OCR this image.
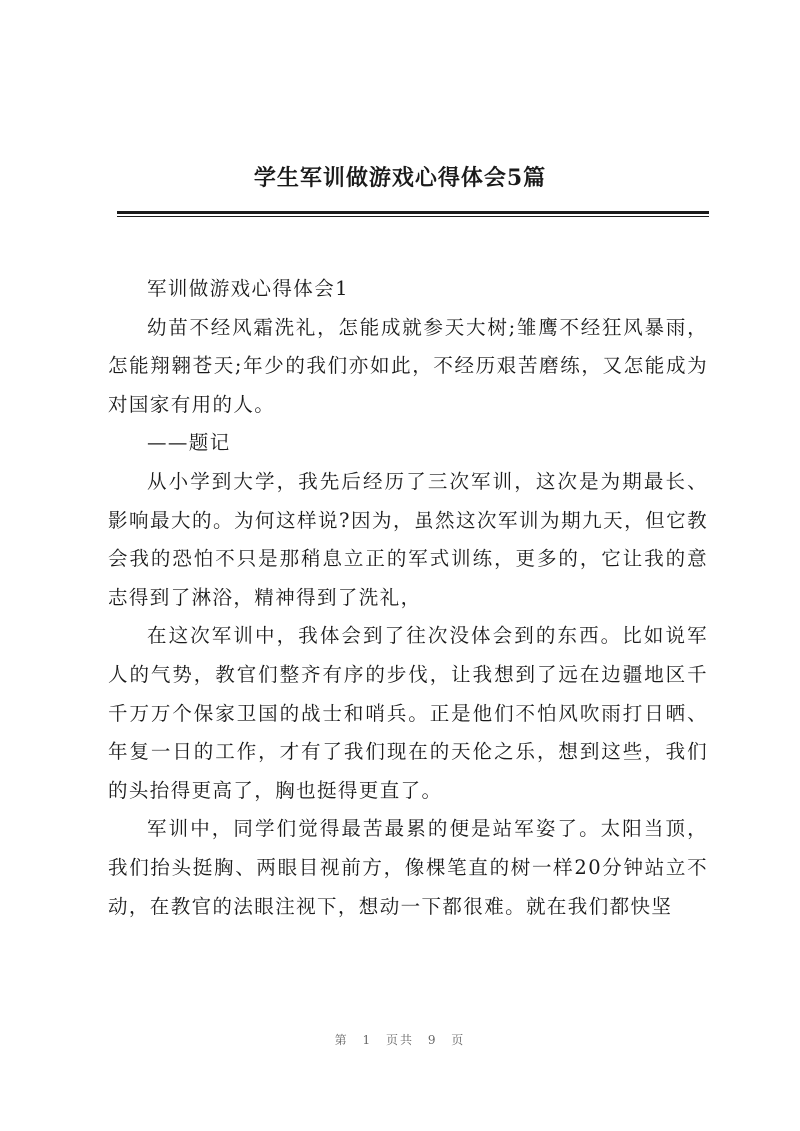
学生军训做游戏心得体会5篇

军训做游戏心得体会1

幼苗不经风霜洗礼，怎能成就参天大树;雏鹰不经狂风暴雨，怎能翔翱苍天;年少的我们亦如此，不经历艰苦磨练，又怎能成为对国家有用的人。

——题记

从小学到大学，我先后经历了三次军训，这次是为期最长、影响最大的。为何这样说?因为，虽然这次军训为期九天，但它教会我的恐怕不只是那稍息立正的军式训练，更多的，它让我的意志得到了淋浴，精神得到了洗礼，

在这次军训中，我体会到了往次没体会到的东西。比如说军人的气势，教官们整齐有序的步伐，让我想到了远在边疆地区千千万万个保家卫国的战士和哨兵。正是他们不怕风吹雨打日晒、年复一日的工作，才有了我们现在的天伦之乐，想到这些，我们的头抬得更高了，胸也挺得更直了。

军训中，同学们觉得最苦最累的便是站军姿了。太阳当顶，我们抬头挺胸、两眼目视前方，像棵笔直的树一样20分钟站立不动，在教官的法眼注视下，想动一下都很难。就在我们都快坚

第 1 页共 9 页
